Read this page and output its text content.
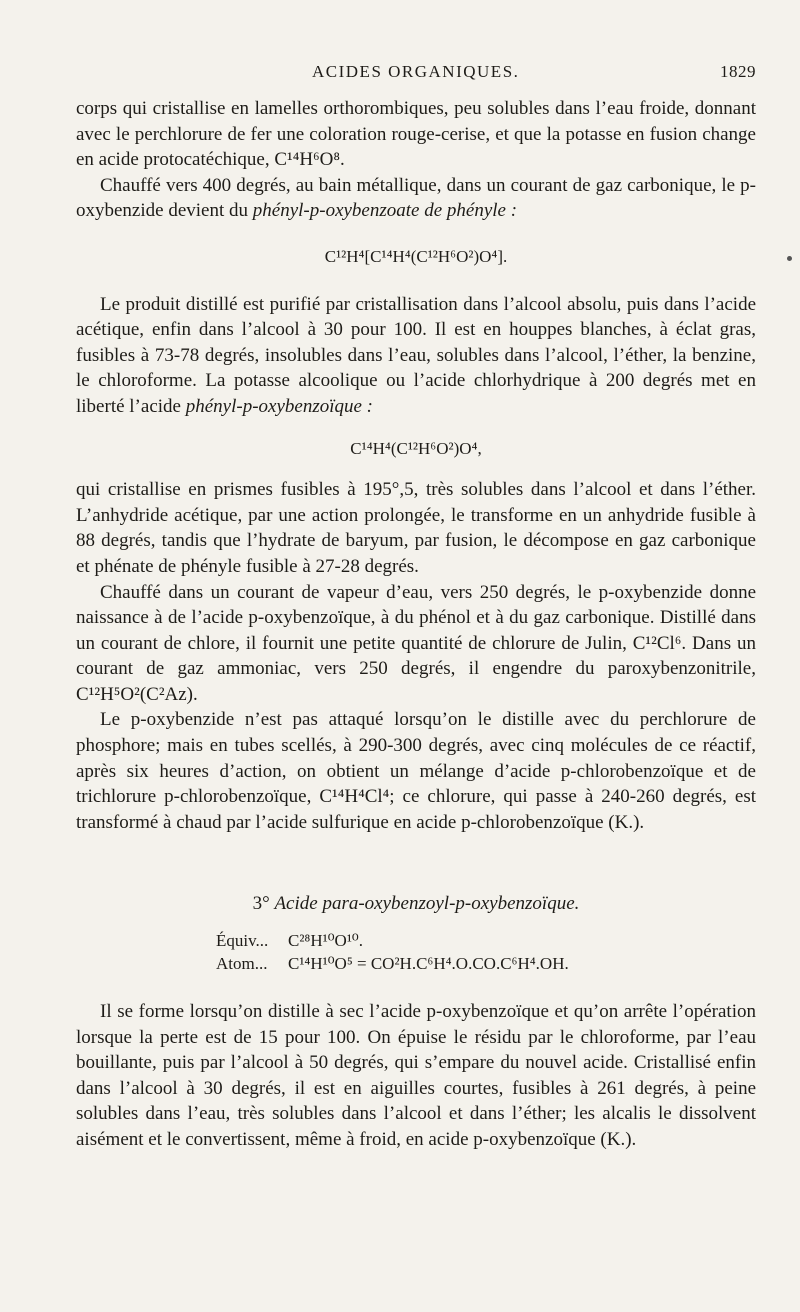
ACIDES ORGANIQUES.	1829

corps qui cristallise en lamelles orthorombiques, peu solubles dans l’eau froide, donnant avec le perchlorure de fer une coloration rouge-cerise, et que la potasse en fusion change en acide protocatéchique, C¹⁴H⁶O⁸.

Chauffé vers 400 degrés, au bain métallique, dans un courant de gaz carbonique, le p-oxybenzide devient du phényl-p-oxybenzoate de phényle :

C¹²H⁴[C¹⁴H⁴(C¹²H⁶O²)O⁴].

Le produit distillé est purifié par cristallisation dans l’alcool absolu, puis dans l’acide acétique, enfin dans l’alcool à 30 pour 100. Il est en houppes blanches, à éclat gras, fusibles à 73-78 degrés, insolubles dans l’eau, solubles dans l’alcool, l’éther, la benzine, le chloroforme. La potasse alcoolique ou l’acide chlorhydrique à 200 degrés met en liberté l’acide phényl-p-oxybenzoïque :

C¹⁴H⁴(C¹²H⁶O²)O⁴,

qui cristallise en prismes fusibles à 195°,5, très solubles dans l’alcool et dans l’éther. L’anhydride acétique, par une action prolongée, le transforme en un anhydride fusible à 88 degrés, tandis que l’hydrate de baryum, par fusion, le décompose en gaz carbonique et phénate de phényle fusible à 27-28 degrés.

Chauffé dans un courant de vapeur d’eau, vers 250 degrés, le p-oxybenzide donne naissance à de l’acide p-oxybenzoïque, à du phénol et à du gaz carbonique. Distillé dans un courant de chlore, il fournit une petite quantité de chlorure de Julin, C¹²Cl⁶. Dans un courant de gaz ammoniac, vers 250 degrés, il engendre du paroxybenzonitrile, C¹²H⁵O²(C²Az).

Le p-oxybenzide n’est pas attaqué lorsqu’on le distille avec du perchlorure de phosphore; mais en tubes scellés, à 290-300 degrés, avec cinq molécules de ce réactif, après six heures d’action, on obtient un mélange d’acide p-chlorobenzoïque et de trichlorure p-chlorobenzoïque, C¹⁴H⁴Cl⁴; ce chlorure, qui passe à 240-260 degrés, est transformé à chaud par l’acide sulfurique en acide p-chlorobenzoïque (K.).

3° Acide para-oxybenzoyl-p-oxybenzoïque.

Équiv... C²⁸H¹⁰O¹⁰.
Atom... C¹⁴H¹⁰O⁵ = CO²H.C⁶H⁴.O.CO.C⁶H⁴.OH.

Il se forme lorsqu’on distille à sec l’acide p-oxybenzoïque et qu’on arrête l’opération lorsque la perte est de 15 pour 100. On épuise le résidu par le chloroforme, par l’eau bouillante, puis par l’alcool à 50 degrés, qui s’empare du nouvel acide. Cristallisé enfin dans l’alcool à 30 degrés, il est en aiguilles courtes, fusibles à 261 degrés, à peine solubles dans l’eau, très solubles dans l’alcool et dans l’éther; les alcalis le dissolvent aisément et le convertissent, même à froid, en acide p-oxybenzoïque (K.).
